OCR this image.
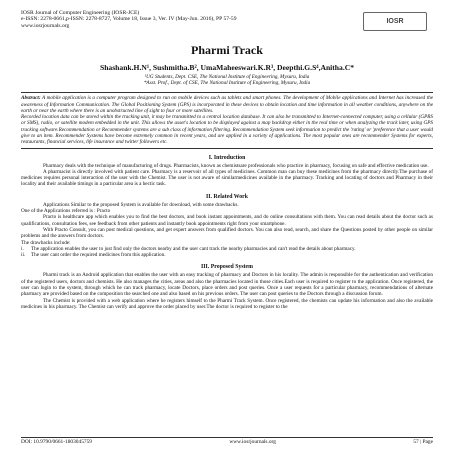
IOSR Journal of Computer Engineering (IOSR-JCE)
e-ISSN: 2278-0661,p-ISSN: 2278-8727, Volume 18, Issue 3, Ver. IV (May-Jun. 2016), PP 57-59
www.iosrjournals.org
IOSR
Pharmi Track
Shashank.H.N¹, Sushmitha.B², UmaMaheeswari.K.R³, Deepthi.G.S⁴,Anitha.C*
¹UG Students, Dept. CSE, The National Institute of Engineering, Mysuru, India
*Asst. Prof., Dept. of CSE, The National Institute of Engineering, Mysuru, India
Abstract: A mobile application is a computer program designed to run on mobile devices such as tablets and smart phones. The development of Mobile applications and Internet has increased the awareness of Information Communication. The Global Positioning System (GPS) is incorporated in these devices to obtain location and time information in all weather conditions, anywhere on the earth or near the earth where there is an unobstructed line of sight to four or more satellites.
Recorded location data can be stored within the tracking unit, it may be transmitted to a central location database. It can also be transmitted to Internet-connected computer, using a cellular (GPRS or SMS), radio, or satellite modem embedded in the unit. This allows the asset's location to be displayed against a map backdrop either in the real time or when analyzing the track later, using GPS tracking software.Recommendation or Recommender systems are a sub class of information filtering. Recommendation System seek information to predict the 'rating' or 'preference that a user would give to an item. Recommender Systems have become extremely common in recent years, and are applied in a variety of applications. The most popular ones are recommender Systems for experts, restaurants, financial services, life insurance and twitter followers etc.
I. Introduction
Pharmacy deals with the technique of manufacturing of drugs. Pharmacists, known as chemistsare professionals who practice in pharmacy, focusing on safe and effective medication use.
A pharmacist is directly involved with patient care. Pharmacy is a reservoir of all types of medicines. Common man can buy these medicines from the pharmacy directly.The purchase of medicines requires personal interaction of the user with the Chemist. The user is not aware of similarmedicines available in the pharmacy. Tracking and locating of doctors and Pharmacy in their locality and their available timings in a particular area is a hectic task.
II. Related Work
Applications Similar to the proposed System is available for download, with some drawbacks.
One of the Applications referred is : Practo
Practo is healthcare app which enables you to find the best doctors, and book instant appointments, and do online consultations with them. You can read details about the doctor such as qualifications, consultation fees, see feedback from other patients and instantly book appointments right from your smartphone.
With Practo Consult, you can post medical questions, and get expert answers from qualified doctors. You can also read, search, and share the Questions posted by other people on similar problems and the answers from doctors.
The drawbacks include:
i.	The application enables the user to just find only the doctors nearby and the user cant track the nearby pharmacies and can't read the details about pharmacy.
ii.	The user cant order the required medicines from this application.
III. Proposed System
Pharmi track is an Android application that enables the user with an easy tracking of pharmacy and Doctors in his locality. The admin is responsible for the authentication and verification of the registered users, doctors and chemists. He also manages the cities, areas and also the pharmacies located in those cities.Each user is required to register to the application. Once registered, the user can login to the system, through which he can track pharmacy, locate Doctors, place orders and post queries. Once a user requests for a particular pharmacy, recommendations of alternate pharmacy are provided based on the composition the searched one and also based on his previous orders. The user can post queries to the Doctors through a discussion forum.
The Chemist is provided with a web application where he registers himself to the Pharmi Track System. Once registered, the chemists can update his information and also the available medicines in his pharmacy. The Chemist can verify and approve the order placed by user.The doctor is required to register to the
DOI: 10.9790/0661-1803045759	www.iosrjournals.org	57 | Page
